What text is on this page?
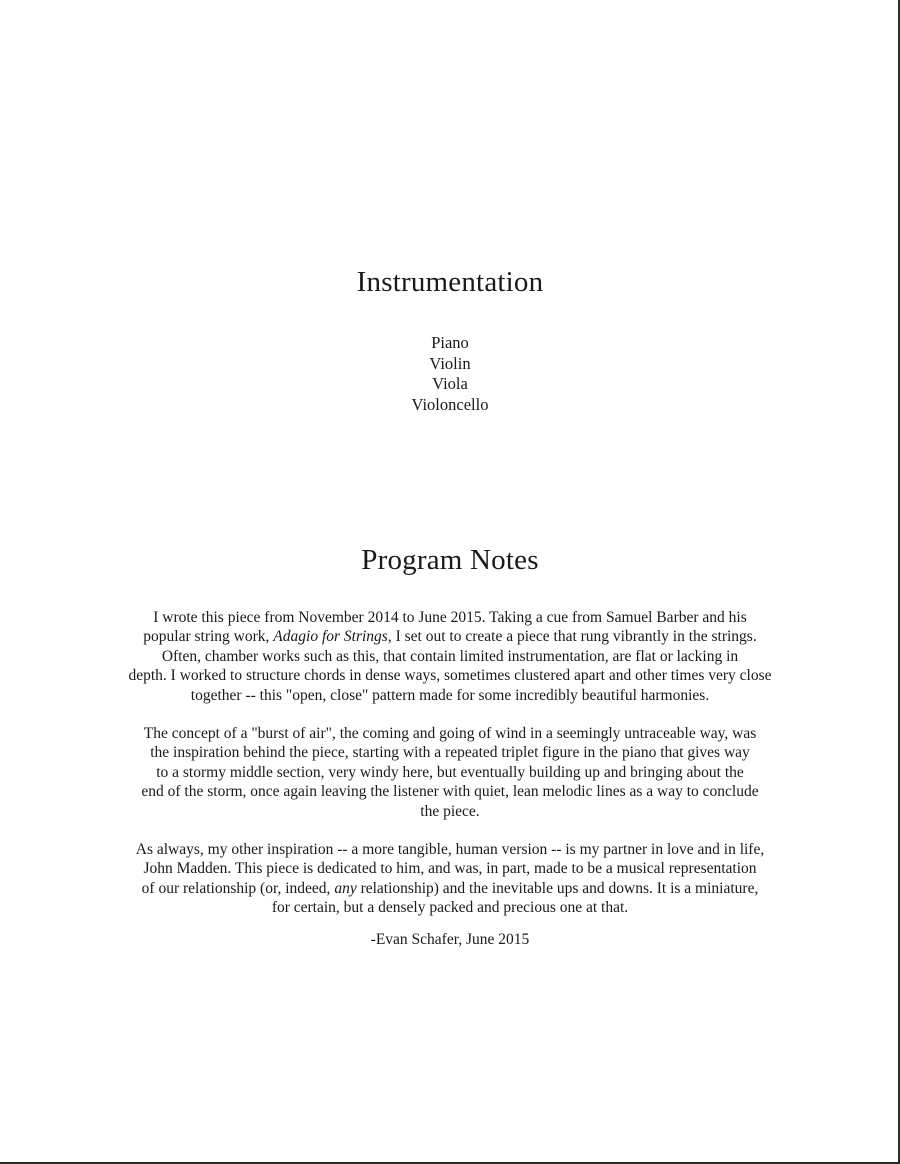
Instrumentation
Piano
Violin
Viola
Violoncello
Program Notes

I wrote this piece from November 2014 to June 2015. Taking a cue from Samuel Barber and his
popular string work, Adagio for Strings, I set out to create a piece that rung vibrantly in the strings.
Often, chamber works such as this, that contain limited instrumentation, are flat or lacking in
depth. I worked to structure chords in dense ways, sometimes clustered apart and other times very close
together -- this "open, close" pattern made for some incredibly beautiful harmonies.

The concept of a "burst of air", the coming and going of wind in a seemingly untraceable way, was
the inspiration behind the piece, starting with a repeated triplet figure in the piano that gives way
to a stormy middle section, very windy here, but eventually building up and bringing about the
end of the storm, once again leaving the listener with quiet, lean melodic lines as a way to conclude
the piece.

As always, my other inspiration -- a more tangible, human version -- is my partner in love and in life,
John Madden. This piece is dedicated to him, and was, in part, made to be a musical representation
of our relationship (or, indeed, any relationship) and the inevitable ups and downs. It is a miniature,
for certain, but a densely packed and precious one at that.

-Evan Schafer, June 2015
